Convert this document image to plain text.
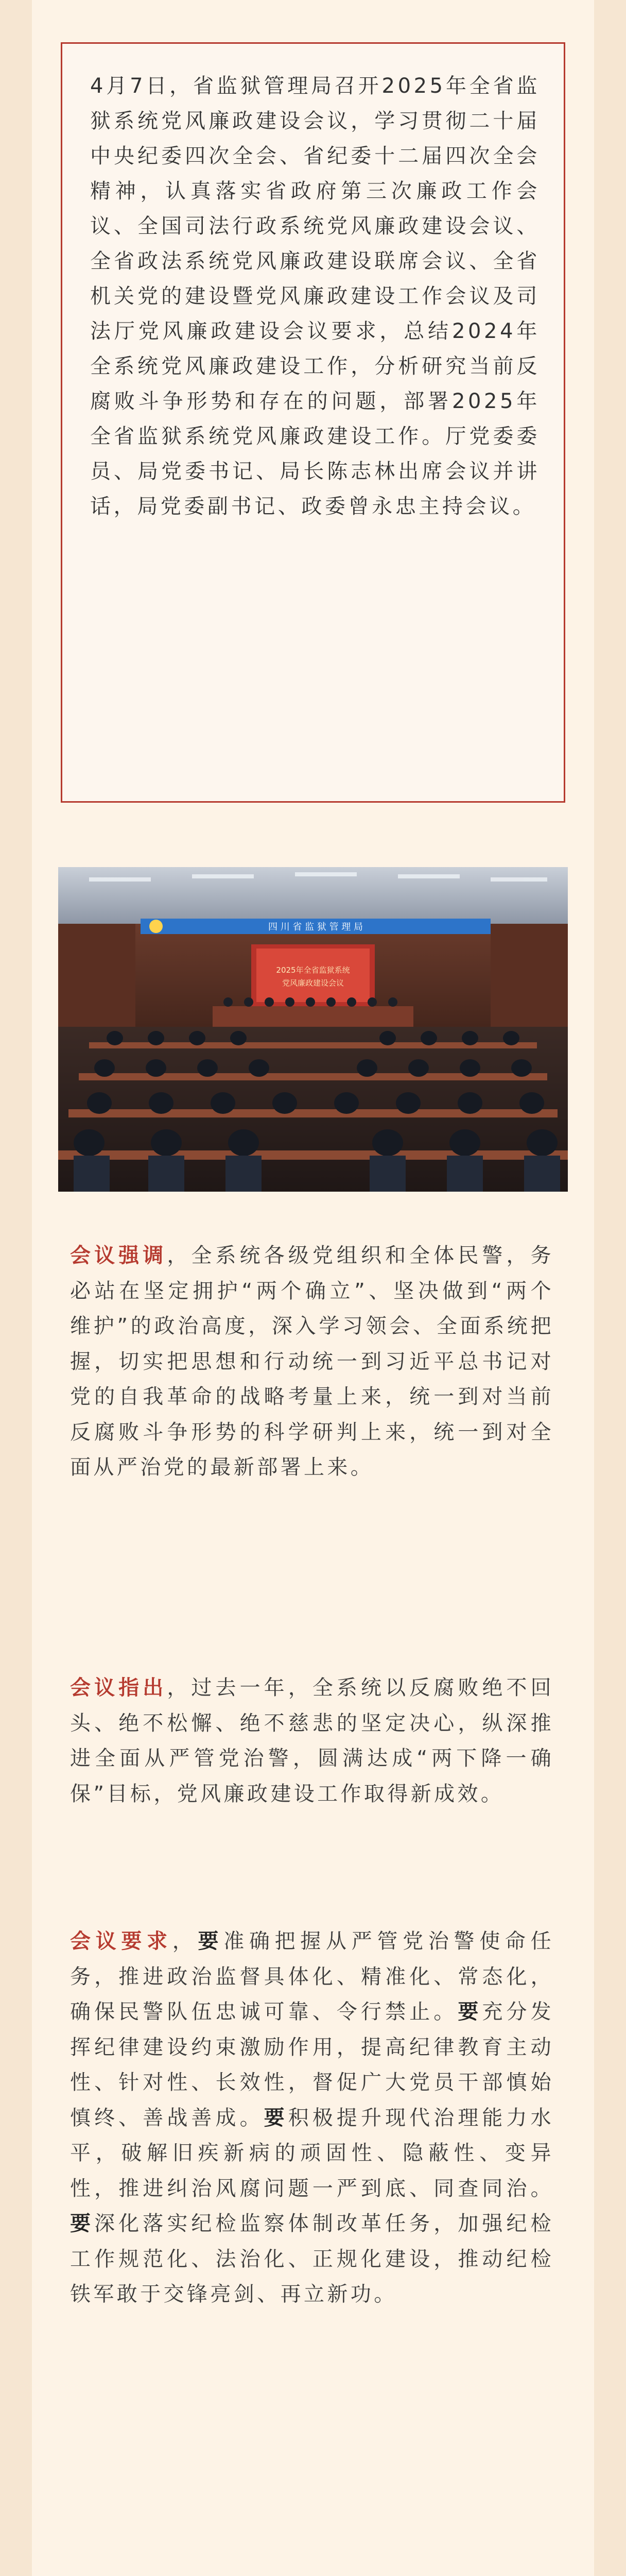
4月7日，省监狱管理局召开2025年全省监狱系统党风廉政建设会议，学习贯彻二十届中央纪委四次全会、省纪委十二届四次全会精神，认真落实省政府第三次廉政工作会议、全国司法行政系统党风廉政建设会议、全省政法系统党风廉政建设联席会议、全省机关党的建设暨党风廉政建设工作会议及司法厅党风廉政建设会议要求，总结2024年全系统党风廉政建设工作，分析研究当前反腐败斗争形势和存在的问题，部署2025年全省监狱系统党风廉政建设工作。厅党委委员、局党委书记、局长陈志林出席会议并讲话，局党委副书记、政委曾永忠主持会议。

四 川 省 监 狱 管 理 局
2025年全省监狱系统
党风廉政建设会议

会议强调，全系统各级党组织和全体民警，务必站在坚定拥护“两个确立”、坚决做到“两个维护”的政治高度，深入学习领会、全面系统把握，切实把思想和行动统一到习近平总书记对党的自我革命的战略考量上来，统一到对当前反腐败斗争形势的科学研判上来，统一到对全面从严治党的最新部署上来。

会议指出，过去一年，全系统以反腐败绝不回头、绝不松懈、绝不慈悲的坚定决心，纵深推进全面从严管党治警，圆满达成“两下降一确保”目标，党风廉政建设工作取得新成效。

会议要求，要准确把握从严管党治警使命任务，推进政治监督具体化、精准化、常态化，确保民警队伍忠诚可靠、令行禁止。要充分发挥纪律建设约束激励作用，提高纪律教育主动性、针对性、长效性，督促广大党员干部慎始慎终、善战善成。要积极提升现代治理能力水平，破解旧疾新病的顽固性、隐蔽性、变异性，推进纠治风腐问题一严到底、同查同治。要深化落实纪检监察体制改革任务，加强纪检工作规范化、法治化、正规化建设，推动纪检铁军敢于交锋亮剑、再立新功。
